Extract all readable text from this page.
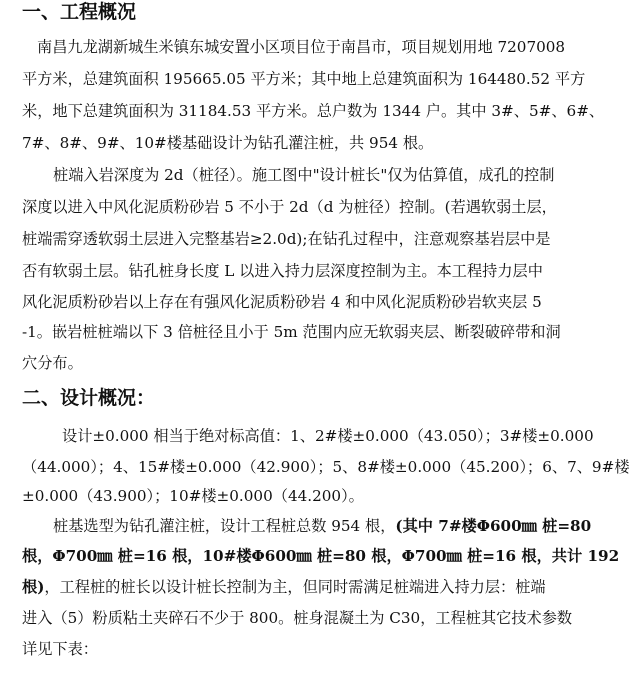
一、工程概况
南昌九龙湖新城生米镇东城安置小区项目位于南昌市，项目规划用地 7207008
平方米，总建筑面积 195665.05 平方米；其中地上总建筑面积为 164480.52 平方
米，地下总建筑面积为 31184.53 平方米。总户数为 1344 户。其中 3#、5#、6#、
7#、8#、9#、10#楼基础设计为钻孔灌注桩，共 954 根。
桩端入岩深度为 2d（桩径）。施工图中"设计桩长"仅为估算值，成孔的控制
深度以进入中风化泥质粉砂岩 5 不小于 2d（d 为桩径）控制。(若遇软弱土层，
桩端需穿透软弱土层进入完整基岩≥2.0d);在钻孔过程中，注意观察基岩层中是
否有软弱土层。钻孔桩身长度 L 以进入持力层深度控制为主。本工程持力层中
风化泥质粉砂岩以上存在有强风化泥质粉砂岩 4 和中风化泥质粉砂岩软夹层 5
-1。嵌岩桩桩端以下 3 倍桩径且小于 5m 范围内应无软弱夹层、断裂破碎带和洞
穴分布。
二、设计概况：
设计±0.000 相当于绝对标高值：1、2#楼±0.000（43.050）；3#楼±0.000
（44.000）；4、15#楼±0.000（42.900）；5、8#楼±0.000（45.200）；6、7、9#楼
±0.000（43.900）；10#楼±0.000（44.200）。
桩基选型为钻孔灌注桩，设计工程桩总数 954 根，(其中 7#楼Φ600㎜ 桩=80
根，Φ700㎜ 桩=16 根，10#楼Φ600㎜ 桩=80 根，Φ700㎜ 桩=16 根，共计 192
根)，工程桩的桩长以设计桩长控制为主，但同时需满足桩端进入持力层：桩端
进入（5）粉质粘土夹碎石不少于 800。桩身混凝土为 C30，工程桩其它技术参数
详见下表：
